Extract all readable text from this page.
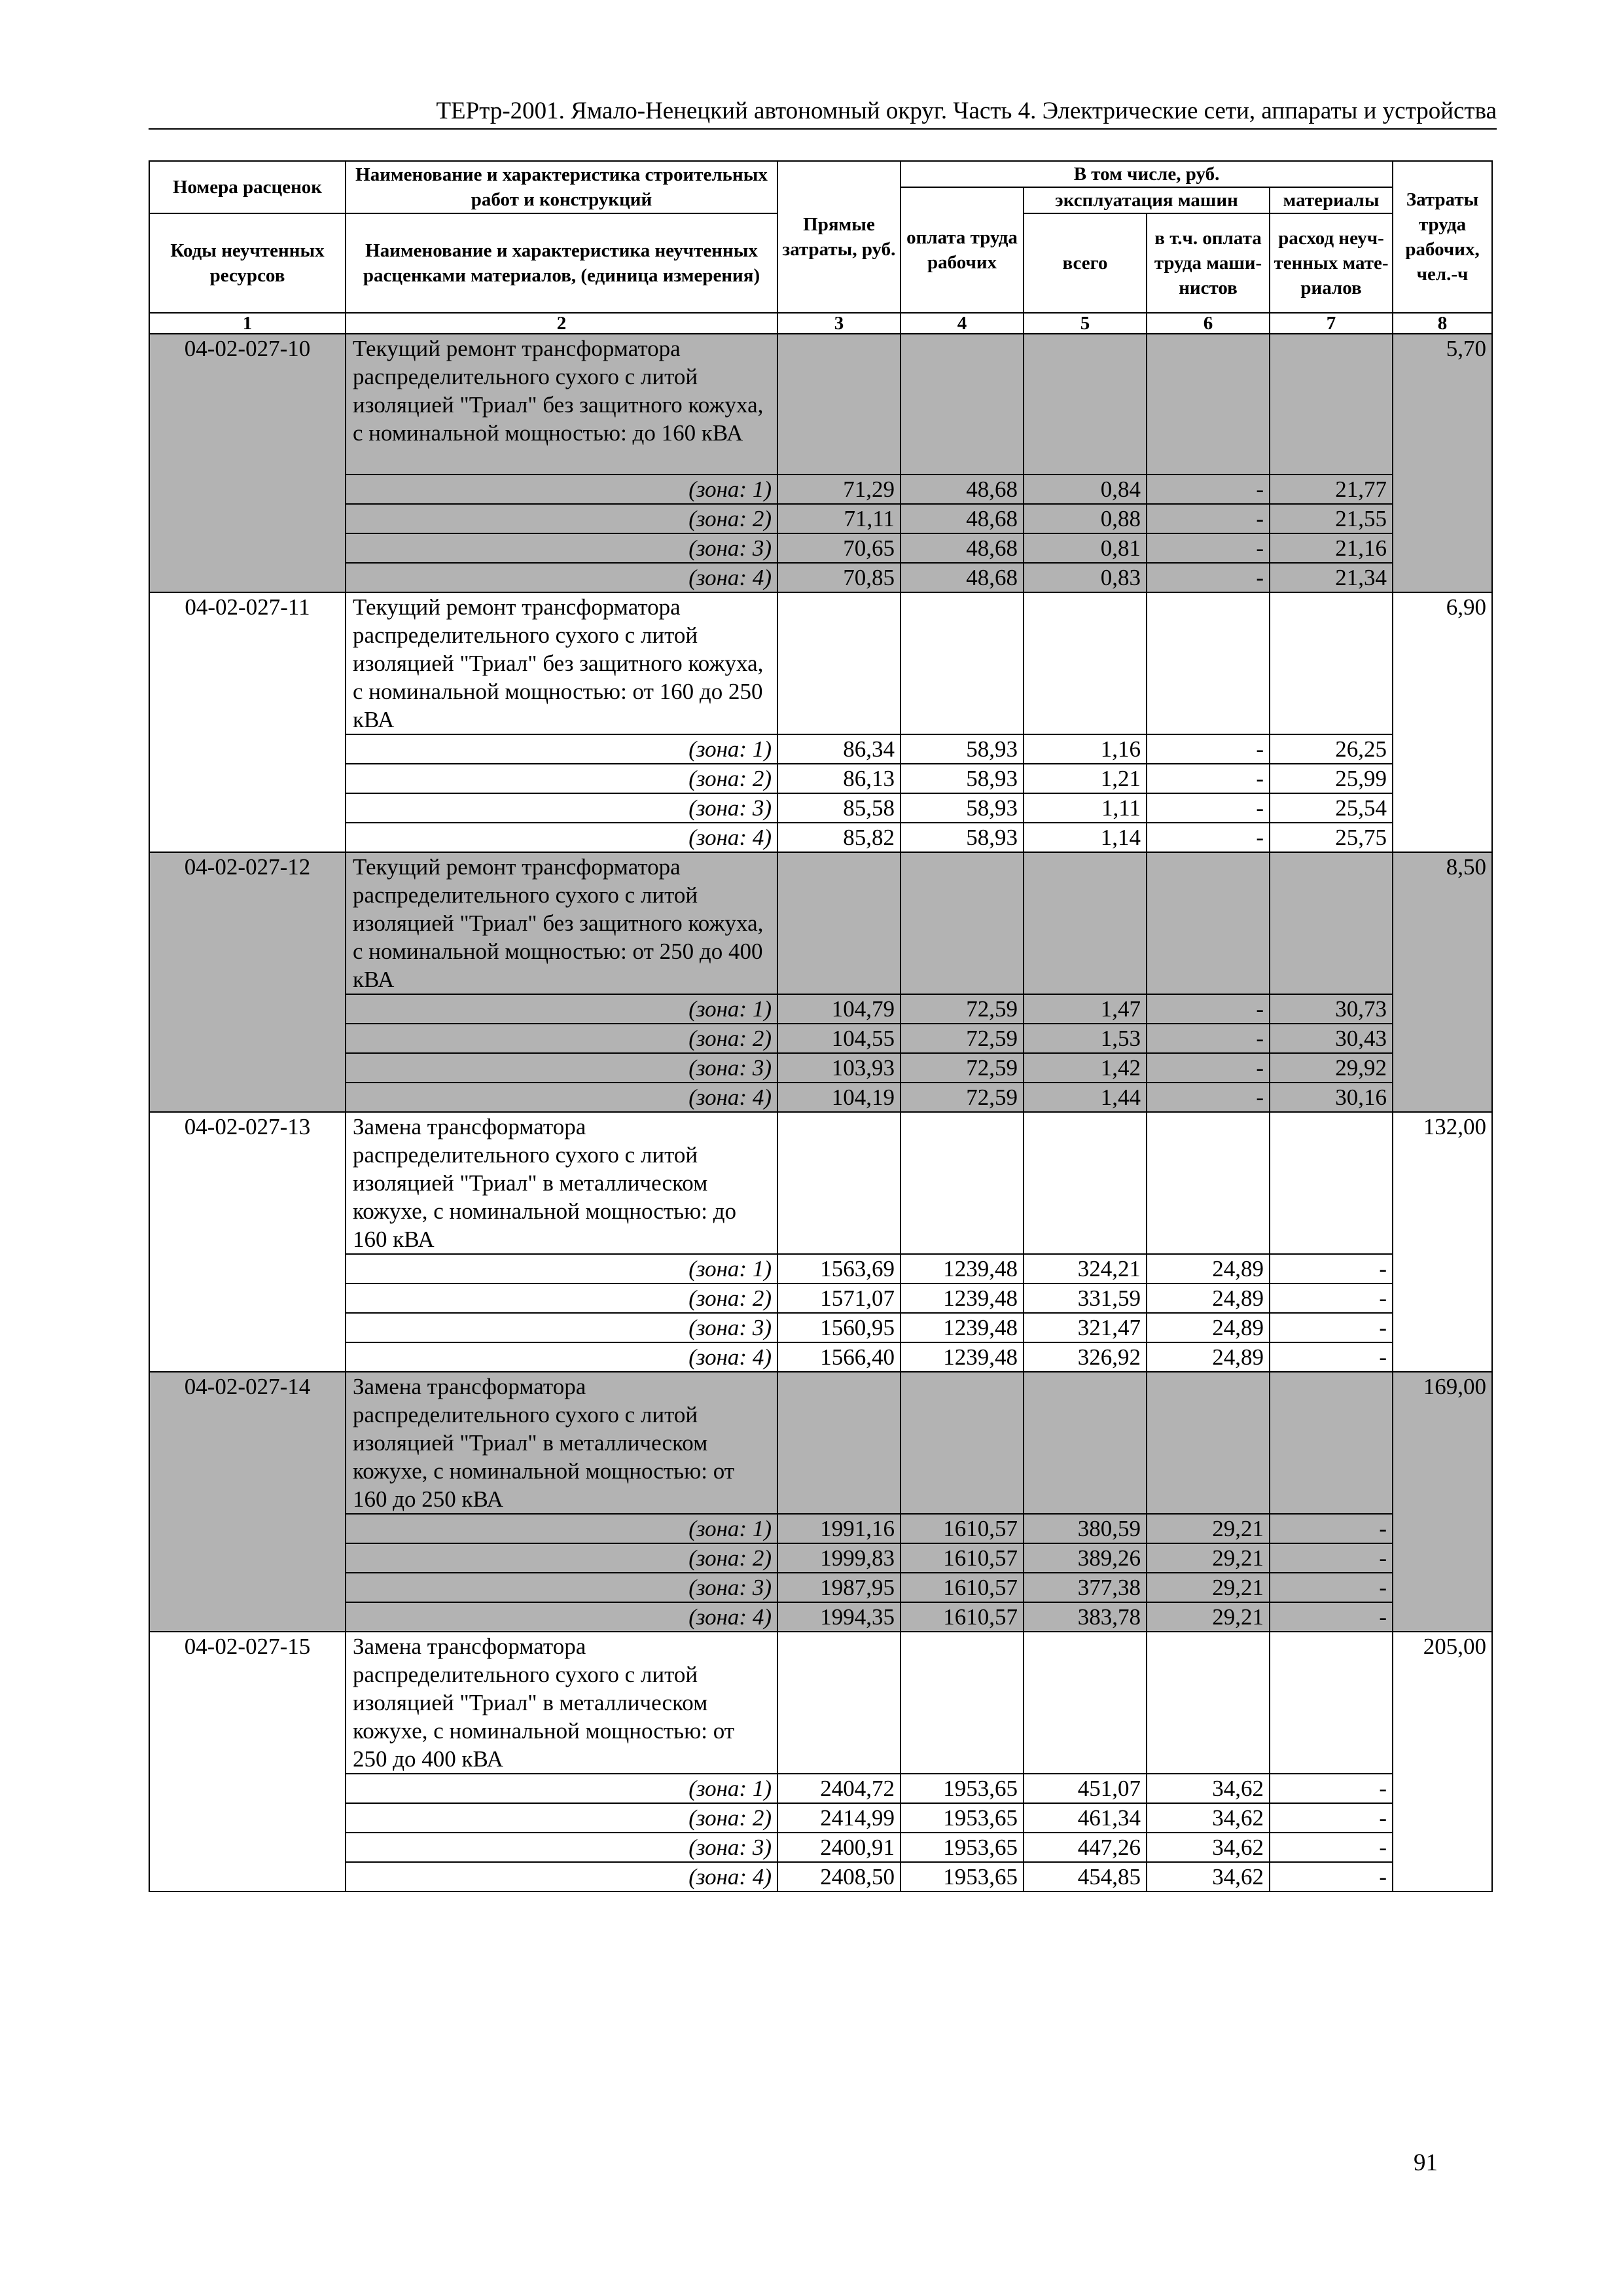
ТЕРтр-2001. Ямало-Ненецкий автономный округ. Часть 4. Электрические сети, аппараты и устройства
Номера расценок	Наименование и характеристика строительных работ и конструкций	Прямые затраты, руб.	В том числе, руб.				Затраты труда рабочих, чел.-ч
			оплата труда рабочих	эксплуатация машин		материалы	
Коды неучтенных ресурсов	Наименование и характеристика неучтенных расценками материалов, (единица измерения)			всего	в т.ч. оплата труда маши-нистов	расход неуч-тенных мате-риалов	

1	2	3	4	5	6	7	8
04-02-027-10	Текущий ремонт трансформатора распределительного сухого с литой изоляцией "Триал" без защитного кожуха, с номинальной мощностью: до 160 кВА						5,70
	(зона: 1)	71,29	48,68	0,84	-	21,77	
	(зона: 2)	71,11	48,68	0,88	-	21,55	
	(зона: 3)	70,65	48,68	0,81	-	21,16	
	(зона: 4)	70,85	48,68	0,83	-	21,34	
04-02-027-11	Текущий ремонт трансформатора распределительного сухого с литой изоляцией "Триал" без защитного кожуха, с номинальной мощностью: от 160 до 250 кВА						6,90
	(зона: 1)	86,34	58,93	1,16	-	26,25	
	(зона: 2)	86,13	58,93	1,21	-	25,99	
	(зона: 3)	85,58	58,93	1,11	-	25,54	
	(зона: 4)	85,82	58,93	1,14	-	25,75	
04-02-027-12	Текущий ремонт трансформатора распределительного сухого с литой изоляцией "Триал" без защитного кожуха, с номинальной мощностью: от 250 до 400 кВА						8,50
	(зона: 1)	104,79	72,59	1,47	-	30,73	
	(зона: 2)	104,55	72,59	1,53	-	30,43	
	(зона: 3)	103,93	72,59	1,42	-	29,92	
	(зона: 4)	104,19	72,59	1,44	-	30,16	
04-02-027-13	Замена трансформатора распределительного сухого с литой изоляцией "Триал" в металлическом кожухе, с номинальной мощностью: до 160 кВА						132,00
	(зона: 1)	1563,69	1239,48	324,21	24,89	-	
	(зона: 2)	1571,07	1239,48	331,59	24,89	-	
	(зона: 3)	1560,95	1239,48	321,47	24,89	-	
	(зона: 4)	1566,40	1239,48	326,92	24,89	-	
04-02-027-14	Замена трансформатора распределительного сухого с литой изоляцией "Триал" в металлическом кожухе, с номинальной мощностью: от 160 до 250 кВА						169,00
	(зона: 1)	1991,16	1610,57	380,59	29,21	-	
	(зона: 2)	1999,83	1610,57	389,26	29,21	-	
	(зона: 3)	1987,95	1610,57	377,38	29,21	-	
	(зона: 4)	1994,35	1610,57	383,78	29,21	-	
04-02-027-15	Замена трансформатора распределительного сухого с литой изоляцией "Триал" в металлическом кожухе, с номинальной мощностью: от 250 до 400 кВА						205,00
	(зона: 1)	2404,72	1953,65	451,07	34,62	-	
	(зона: 2)	2414,99	1953,65	461,34	34,62	-	
	(зона: 3)	2400,91	1953,65	447,26	34,62	-	
	(зона: 4)	2408,50	1953,65	454,85	34,62	-	
91
